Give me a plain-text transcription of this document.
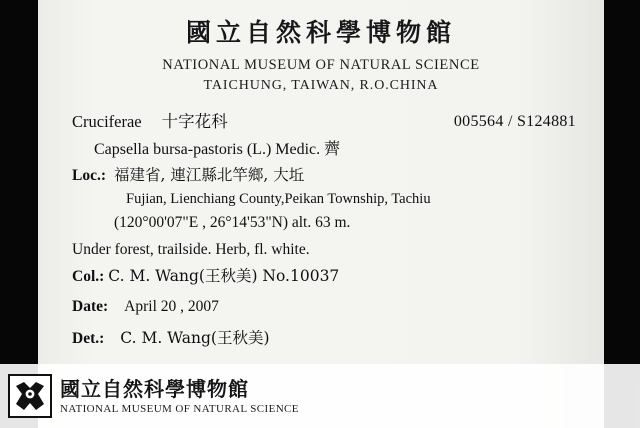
國立自然科學博物館
NATIONAL MUSEUM OF NATURAL SCIENCE
TAICHUNG, TAIWAN, R.O.CHINA
Cruciferae 十字花科	005564 / S124881
Capsella bursa-pastoris (L.) Medic. 薺
Loc.: 福建省, 連江縣北竿鄉, 大坵
Fujian, Lienchiang County,Peikan Township, Tachiu
(120°00'07"E , 26°14'53"N) alt. 63 m.
Under forest, trailside. Herb, fl. white.
Col.: C. M. Wang(王秋美) No.10037
Date: April 20 , 2007
Det.: C. M. Wang(王秋美)
國立自然科學博物館
NATIONAL MUSEUM OF NATURAL SCIENCE
